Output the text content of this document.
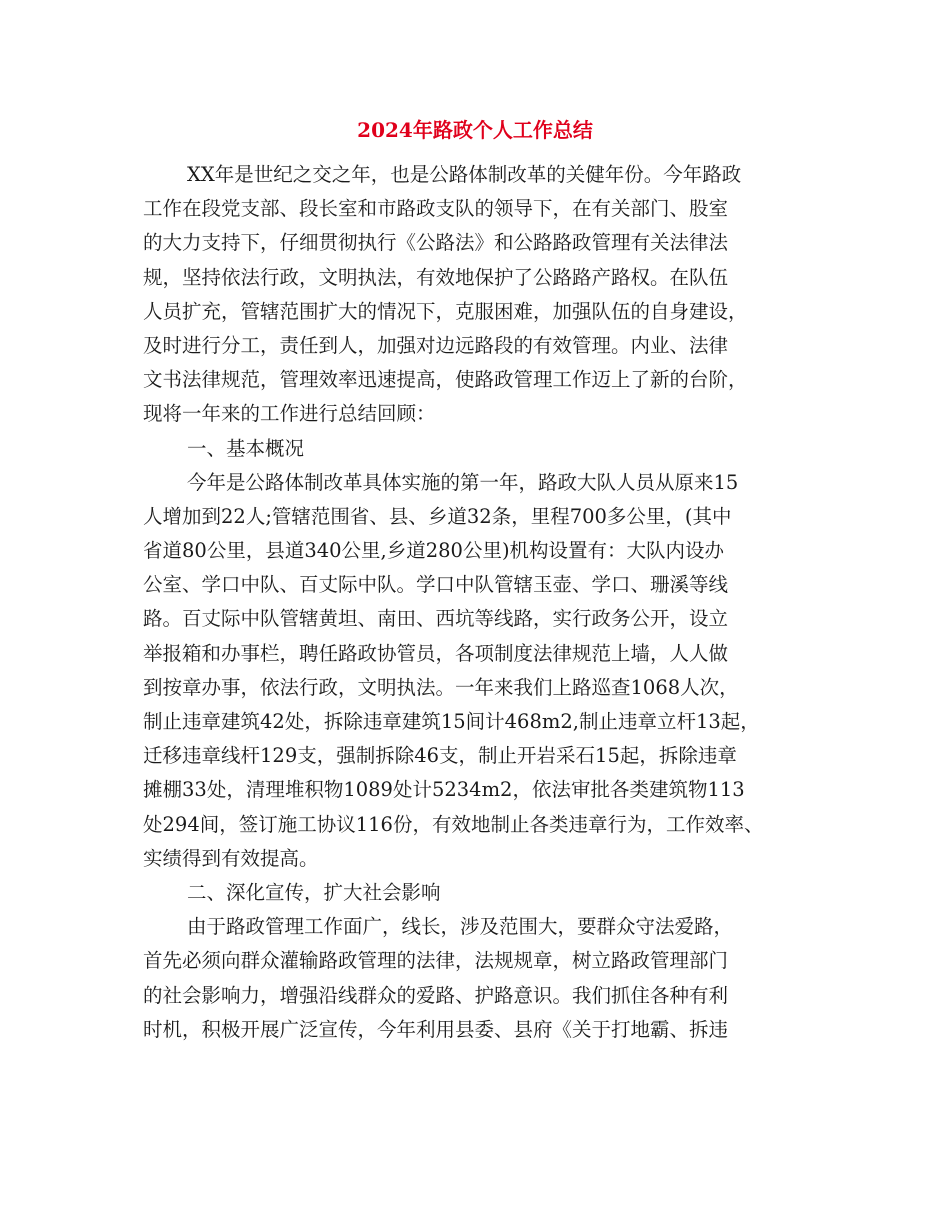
2024年路政个人工作总结
XX年是世纪之交之年，也是公路体制改革的关健年份。今年路政
工作在段党支部、段长室和市路政支队的领导下，在有关部门、股室
的大力支持下，仔细贯彻执行《公路法》和公路路政管理有关法律法
规，坚持依法行政，文明执法，有效地保护了公路路产路权。在队伍
人员扩充，管辖范围扩大的情况下，克服困难，加强队伍的自身建设，
及时进行分工，责任到人，加强对边远路段的有效管理。内业、法律
文书法律规范，管理效率迅速提高，使路政管理工作迈上了新的台阶，
现将一年来的工作进行总结回顾：
一、基本概况
今年是公路体制改革具体实施的第一年，路政大队人员从原来15
人增加到22人;管辖范围省、县、乡道32条，里程700多公里，(其中
省道80公里，县道340公里,乡道280公里)机构设置有：大队内设办
公室、学口中队、百丈际中队。学口中队管辖玉壶、学口、珊溪等线
路。百丈际中队管辖黄坦、南田、西坑等线路，实行政务公开，设立
举报箱和办事栏，聘任路政协管员，各项制度法律规范上墙，人人做
到按章办事，依法行政，文明执法。一年来我们上路巡查1068人次，
制止违章建筑42处，拆除违章建筑15间计468m2,制止违章立杆13起，
迁移违章线杆129支，强制拆除46支，制止开岩采石15起，拆除违章
摊棚33处，清理堆积物1089处计5234m2，依法审批各类建筑物113
处294间，签订施工协议116份，有效地制止各类违章行为，工作效率、
实绩得到有效提高。
二、深化宣传，扩大社会影响
由于路政管理工作面广，线长，涉及范围大，要群众守法爱路，
首先必须向群众灌输路政管理的法律，法规规章，树立路政管理部门
的社会影响力，增强沿线群众的爱路、护路意识。我们抓住各种有利
时机，积极开展广泛宣传，今年利用县委、县府《关于打地霸、拆违
